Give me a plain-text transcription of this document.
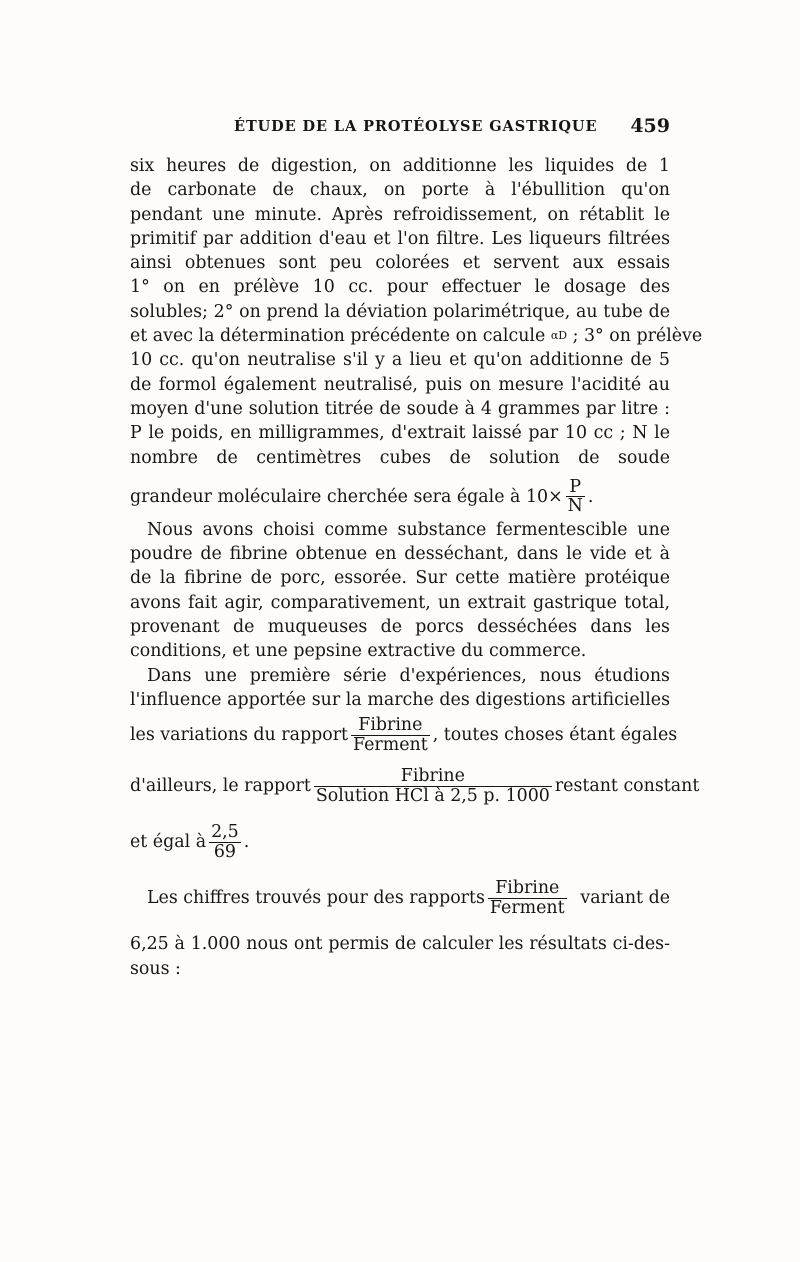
ÉTUDE DE LA PROTÉOLYSE GASTRIQUE 459
six heures de digestion, on additionne les liquides de 1
de carbonate de chaux, on porte à l'ébullition qu'on
pendant une minute. Après refroidissement, on rétablit le
primitif par addition d'eau et l'on filtre. Les liqueurs filtrées
ainsi obtenues sont peu colorées et servent aux essais
1° on en prélève 10 cc. pour effectuer le dosage des
solubles; 2° on prend la déviation polarimétrique, au tube de
et avec la détermination précédente on calcule αD ; 3° on prélève
10 cc. qu'on neutralise s'il y a lieu et qu'on additionne de 5
de formol également neutralisé, puis on mesure l'acidité au
moyen d'une solution titrée de soude à 4 grammes par litre :
P le poids, en milligrammes, d'extrait laissé par 10 cc ; N le
nombre de centimètres cubes de solution de soude
grandeur moléculaire cherchée sera égale à $10\times \frac{P}{N}$ .
Nous avons choisi comme substance fermentescible une
poudre de fibrine obtenue en desséchant, dans le vide et à
de la fibrine de porc, essorée. Sur cette matière protéique
avons fait agir, comparativement, un extrait gastrique total,
provenant de muqueuses de porcs desséchées dans les
conditions, et une pepsine extractive du commerce.
Dans une première série d'expériences, nous étudions
l'influence apportée sur la marche des digestions artificielles
les variations du rapport $\frac{\text{Fibrine}}{\text{Ferment}}$ , toutes choses étant égales
d'ailleurs, le rapport $\frac{\text{Fibrine}}{\text{Solution HCl à 2,5 p. 1000}}$ restant constant
et égal à $\frac{2,5}{69}$ .
Les chiffres trouvés pour des rapports $\frac{\text{Fibrine}}{\text{Ferment}}$ variant de
6,25 à 1.000 nous ont permis de calculer les résultats ci-des-
sous :
